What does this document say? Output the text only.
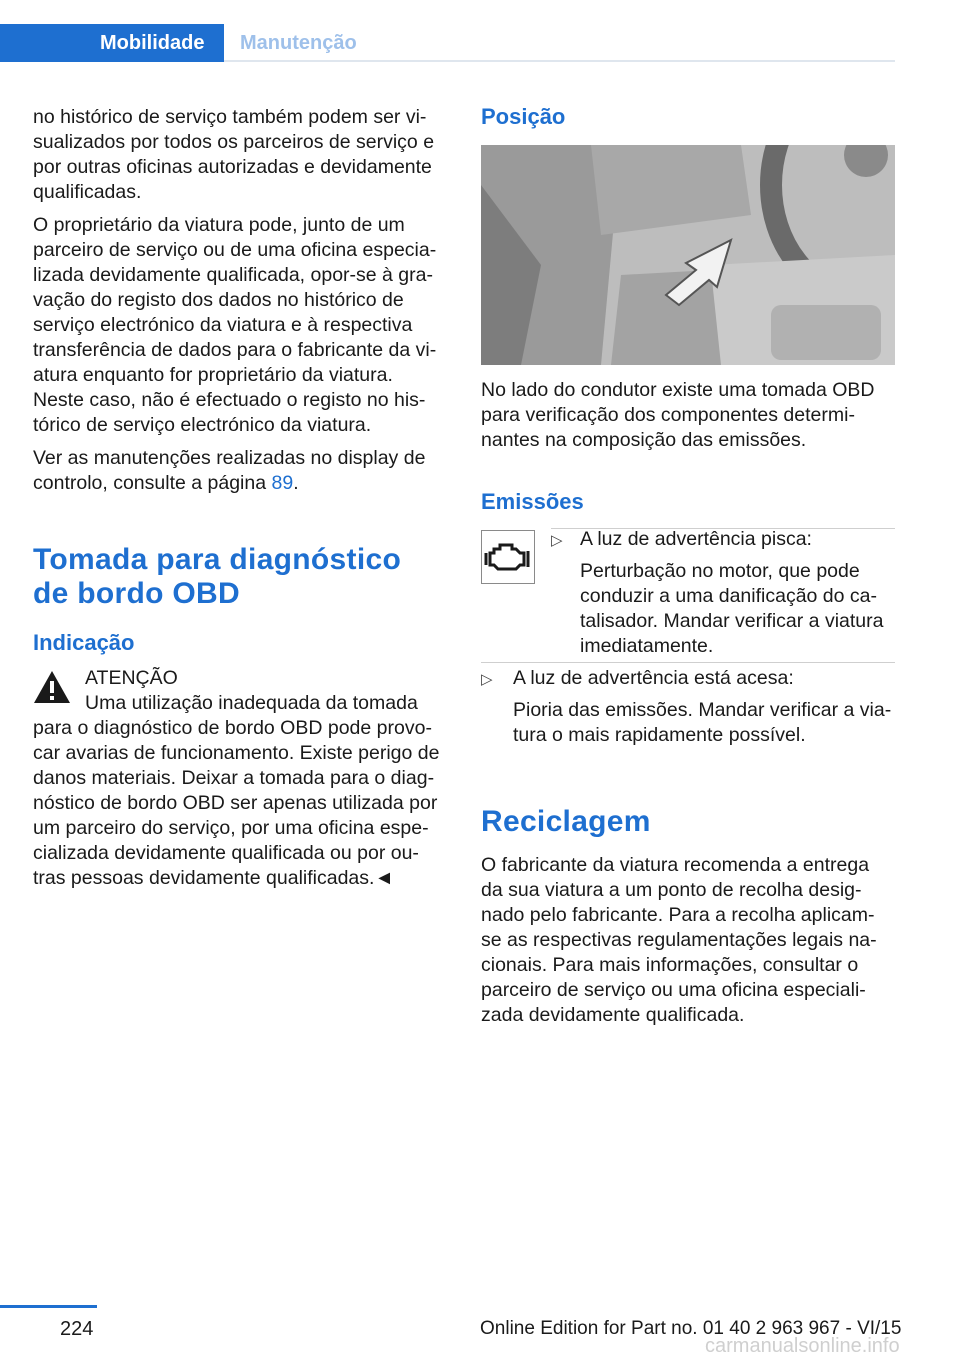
Mobilidade	Manutenção

no histórico de serviço também podem ser visualizados por todos os parceiros de serviço e por outras oficinas autorizadas e devidamente qualificadas.

O proprietário da viatura pode, junto de um parceiro de serviço ou de uma oficina especializada devidamente qualificada, opor-se à gravação do registo dos dados no histórico de serviço electrónico da viatura e à respectiva transferência de dados para o fabricante da viatura enquanto for proprietário da viatura. Neste caso, não é efectuado o registo no histórico de serviço electrónico da viatura.

Ver as manutenções realizadas no display de controlo, consulte a página 89.

Tomada para diagnóstico de bordo OBD
Indicação
ATENÇÃO
Uma utilização inadequada da tomada
para o diagnóstico de bordo OBD pode provocar avarias de funcionamento. Existe perigo de danos materiais. Deixar a tomada para o diagnóstico de bordo OBD ser apenas utilizada por um parceiro do serviço, por uma oficina especializada devidamente qualificada ou por outras pessoas devidamente qualificadas.◄
Posição

No lado do condutor existe uma tomada OBD para verificação dos componentes determinantes na composição das emissões.

Emissões
▷ A luz de advertência pisca:
Perturbação no motor, que pode conduzir a uma danificação do catalisador. Mandar verificar a viatura imediatamente.
▷ A luz de advertência está acesa:
Pioria das emissões. Mandar verificar a viatura o mais rapidamente possível.
Reciclagem

O fabricante da viatura recomenda a entrega da sua viatura a um ponto de recolha designado pelo fabricante. Para a recolha aplicam-se as respectivas regulamentações legais nacionais. Para mais informações, consultar o parceiro de serviço ou uma oficina especializada devidamente qualificada.

224	Online Edition for Part no. 01 40 2 963 967 - VI/15
carmanualsonline.info
